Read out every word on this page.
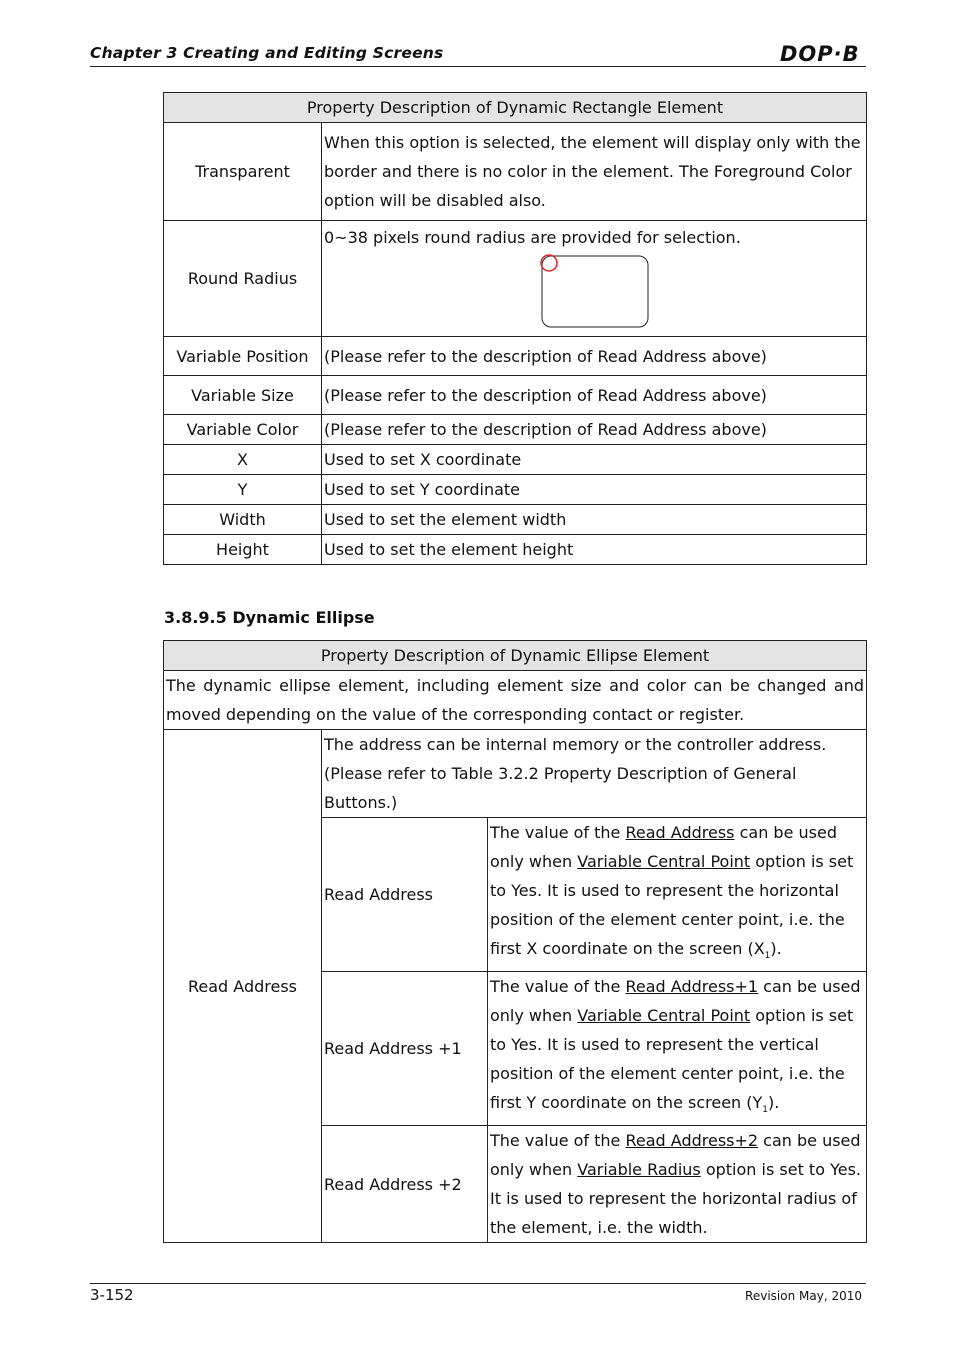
Chapter 3 Creating and Editing Screens	DOP·B
Property Description of Dynamic Rectangle Element	
Transparent	When this option is selected, the element will display only with the border and there is no color in the element. The Foreground Color option will be disabled also.
Round Radius	0~38 pixels round radius are provided for selection.

Variable Position	(Please refer to the description of Read Address above)
Variable Size	(Please refer to the description of Read Address above)
Variable Color	(Please refer to the description of Read Address above)
X	Used to set X coordinate
Y	Used to set Y coordinate
Width	Used to set the element width
Height	Used to set the element height
3.8.9.5 Dynamic Ellipse
Property Description of Dynamic Ellipse Element		
The dynamic ellipse element, including element size and color can be changed and moved depending on the value of the corresponding contact or register.		
Read Address	The address can be internal memory or the controller address. (Please refer to Table 3.2.2 Property Description of General Buttons.)	
	Read Address	The value of the Read Address can be used only when Variable Central Point option is set to Yes. It is used to represent the horizontal position of the element center point, i.e. the first X coordinate on the screen $(X_1)$.
	Read Address +1	The value of the Read Address+1 can be used only when Variable Central Point option is set to Yes. It is used to represent the vertical position of the element center point, i.e. the first Y coordinate on the screen $(Y_1)$.
	Read Address +2	The value of the Read Address+2 can be used only when Variable Radius option is set to Yes. It is used to represent the horizontal radius of the element, i.e. the width.
3-152	Revision May, 2010
